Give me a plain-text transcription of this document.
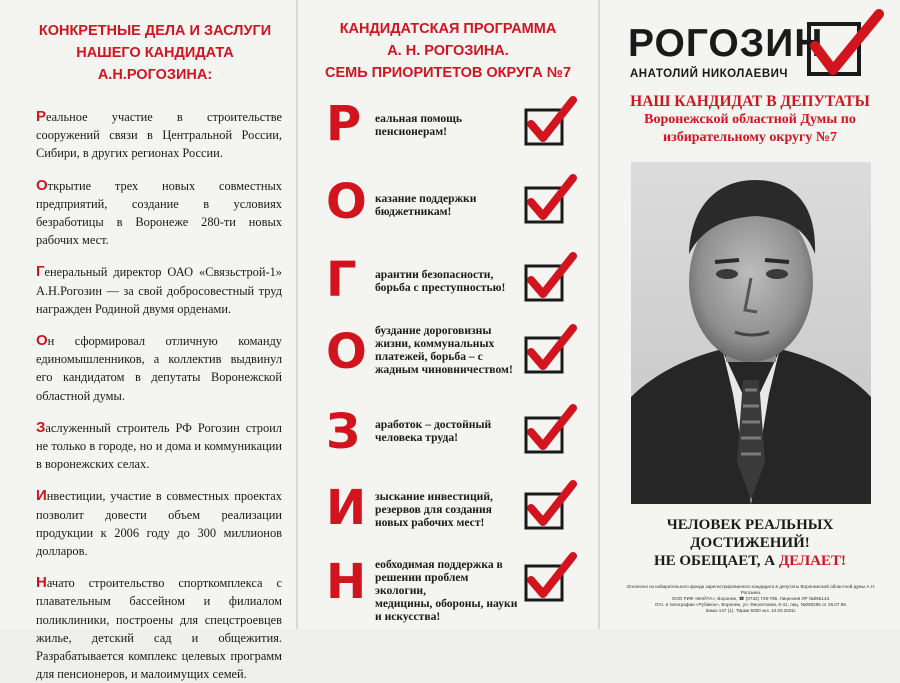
КОНКРЕТНЫЕ ДЕЛА И ЗАСЛУГИ
НАШЕГО КАНДИДАТА
А.Н.РОГОЗИНА:

Реальное участие в строительстве сооружений связи в Центральной России, Сибири, в других регионах России.

Открытие трех новых совместных предприятий, создание в условиях безработицы в Воронеже 280-ти новых рабочих мест.

Генеральный директор ОАО «Связьстрой-1» А.Н.Рогозин — за свой добросовестный труд награжден Родиной двумя орденами.

Он сформировал отличную команду единомышленников, а коллектив выдвинул его кандидатом в депутаты Воронежской областной думы.

Заслуженный строитель РФ Рогозин строил не только в городе, но и дома и коммуникации в воронежских селах.

Инвестиции, участие в совместных проектах позволит довести объем реализации продукции к 2006 году до 300 миллионов долларов.

Начато строительство спорткомплекса с плавательным бассейном и филиалом поликлиники, построены для спецстроевцев жилье, детский сад и общежития. Разрабатывается комплекс целевых программ для пенсионеров, и малоимущих семей.

КАНДИДАТСКАЯ ПРОГРАММА
А. Н. РОГОЗИНА.
СЕМЬ ПРИОРИТЕТОВ ОКРУГА №7
Р еальная помощь
пенсионерам!
О казание поддержки
бюджетникам!
Г арантии безопасности,
борьба с преступностью!
О буздание дороговизны
жизни, коммунальных
платежей, борьба – с
жадным чиновничеством!
З аработок – достойный
человека труда!
И зыскание инвестиций,
резервов для создания
новых рабочих мест!
Н еобходимая поддержка в
решении проблем экологии,
медицины, обороны, науки
и искусства!
РОГОЗИН
АНАТОЛИЙ НИКОЛАЕВИЧ
НАШ КАНДИДАТ В ДЕПУТАТЫ
Воронежской областной Думы по
избирательному округу №7
ЧЕЛОВЕК РЕАЛЬНЫХ
ДОСТИЖЕНИЙ!
НЕ ОБЕЩАЕТ, А ДЕЛАЕТ!
Оплачено из избирательного фонда зарегистрированного кандидата в депутаты Воронежской областной думы А.Н. Рогозина.
ООО РИФ «ВАЙТА», Воронеж, ☎ (0732) 749-765. Лицензия ЛР №065143.
Отп. в типографии «Рубикон», Воронеж, ул. Фиолетовая, 6-41, лиц. №060295 от 28.07.98.
Заказ 147 (1). Тираж 5000 экз. 10.03.2001г.
